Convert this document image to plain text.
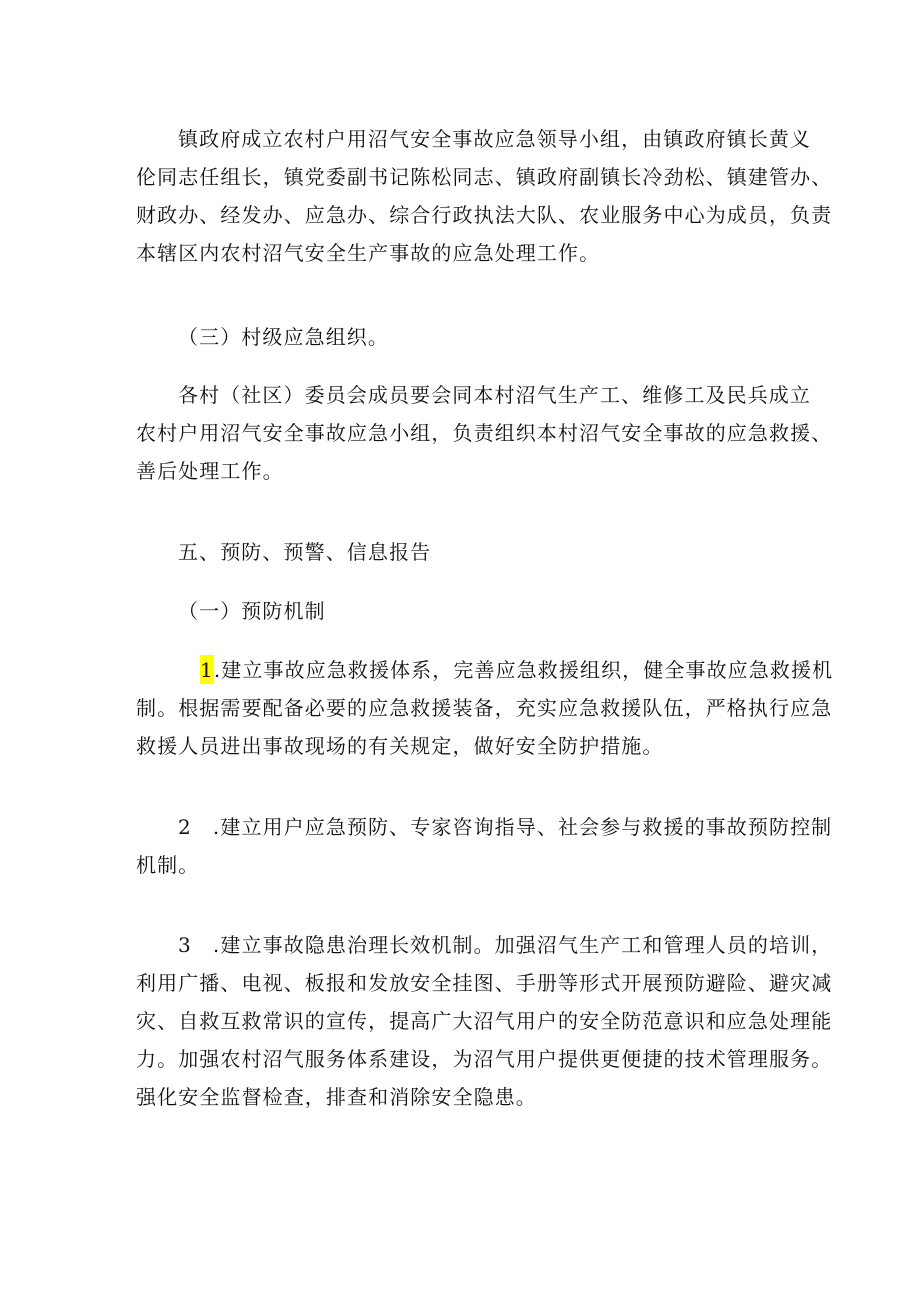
镇政府成立农村户用沼气安全事故应急领导小组，由镇政府镇长黄义
伦同志任组长，镇党委副书记陈松同志、镇政府副镇长冷劲松、镇建管办、
财政办、经发办、应急办、综合行政执法大队、农业服务中心为成员，负责
本辖区内农村沼气安全生产事故的应急处理工作。
（三）村级应急组织。
各村（社区）委员会成员要会同本村沼气生产工、维修工及民兵成立
农村户用沼气安全事故应急小组，负责组织本村沼气安全事故的应急救援、
善后处理工作。
五、预防、预警、信息报告
（一）预防机制
1.建立事故应急救援体系，完善应急救援组织，健全事故应急救援机
制。根据需要配备必要的应急救援装备，充实应急救援队伍，严格执行应急
救援人员进出事故现场的有关规定，做好安全防护措施。
2　.建立用户应急预防、专家咨询指导、社会参与救援的事故预防控制
机制。
3　.建立事故隐患治理长效机制。加强沼气生产工和管理人员的培训，
利用广播、电视、板报和发放安全挂图、手册等形式开展预防避险、避灾减
灾、自救互救常识的宣传，提高广大沼气用户的安全防范意识和应急处理能
力。加强农村沼气服务体系建设，为沼气用户提供更便捷的技术管理服务。
强化安全监督检查，排查和消除安全隐患。
